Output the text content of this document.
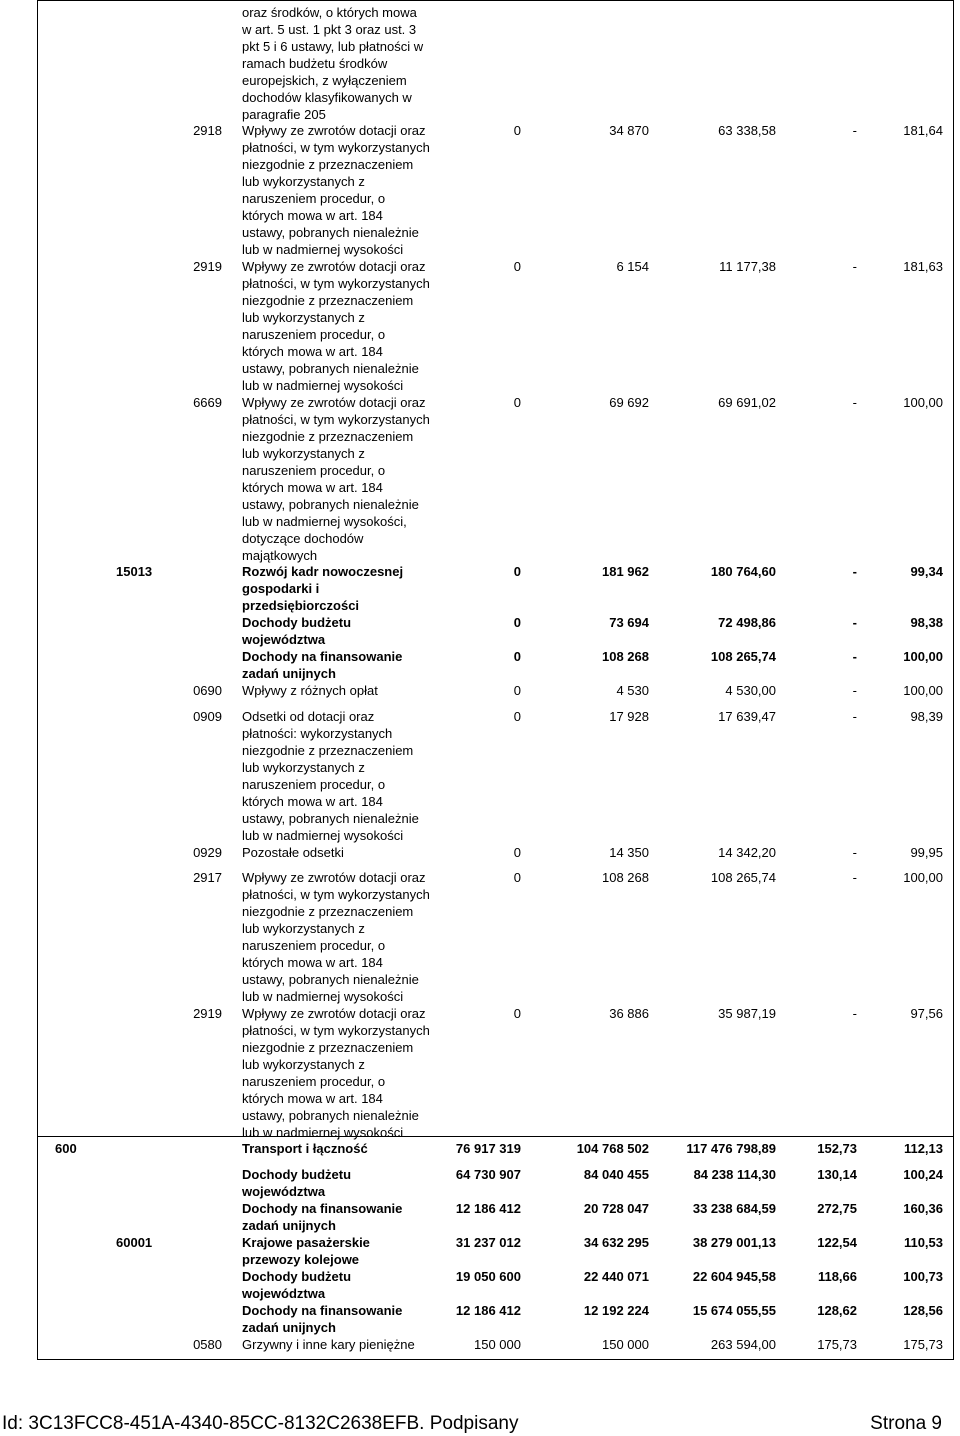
oraz środków, o których mowa
w art. 5 ust. 1 pkt 3 oraz ust. 3
pkt 5 i 6 ustawy, lub płatności w
ramach budżetu środków
europejskich, z wyłączeniem
dochodów klasyfikowanych w
paragrafie 205
2918 Wpływy ze zwrotów dotacji oraz
płatności, w tym wykorzystanych
niezgodnie z przeznaczeniem
lub wykorzystanych z
naruszeniem procedur, o
których mowa w art. 184
ustawy, pobranych nienależnie
lub w nadmiernej wysokości
0	34 870	63 338,58	-	181,64
2919 Wpływy ze zwrotów dotacji oraz
płatności, w tym wykorzystanych
niezgodnie z przeznaczeniem
lub wykorzystanych z
naruszeniem procedur, o
których mowa w art. 184
ustawy, pobranych nienależnie
lub w nadmiernej wysokości
0	6 154	11 177,38	-	181,63
6669 Wpływy ze zwrotów dotacji oraz
płatności, w tym wykorzystanych
niezgodnie z przeznaczeniem
lub wykorzystanych z
naruszeniem procedur, o
których mowa w art. 184
ustawy, pobranych nienależnie
lub w nadmiernej wysokości,
dotyczące dochodów
majątkowych
0	69 692	69 691,02	-	100,00
15013	Rozwój kadr nowoczesnej
gospodarki i
przedsiębiorczości
0	181 962	180 764,60	-	99,34
Dochody budżetu
województwa
0	73 694	72 498,86	-	98,38
Dochody na finansowanie
zadań unijnych
0	108 268	108 265,74	-	100,00
0690 Wpływy z różnych opłat	0	4 530	4 530,00	-	100,00
0909 Odsetki od dotacji oraz
płatności: wykorzystanych
niezgodnie z przeznaczeniem
lub wykorzystanych z
naruszeniem procedur, o
których mowa w art. 184
ustawy, pobranych nienależnie
lub w nadmiernej wysokości
0	17 928	17 639,47	-	98,39
0929 Pozostałe odsetki	0	14 350	14 342,20	-	99,95
2917 Wpływy ze zwrotów dotacji oraz
płatności, w tym wykorzystanych
niezgodnie z przeznaczeniem
lub wykorzystanych z
naruszeniem procedur, o
których mowa w art. 184
ustawy, pobranych nienależnie
lub w nadmiernej wysokości
0	108 268	108 265,74	-	100,00
2919 Wpływy ze zwrotów dotacji oraz
płatności, w tym wykorzystanych
niezgodnie z przeznaczeniem
lub wykorzystanych z
naruszeniem procedur, o
których mowa w art. 184
ustawy, pobranych nienależnie
lub w nadmiernej wysokości
0	36 886	35 987,19	-	97,56
600	Transport i łączność	76 917 319	104 768 502	117 476 798,89	152,73	112,13
Dochody budżetu
województwa
64 730 907	84 040 455	84 238 114,30	130,14	100,24
Dochody na finansowanie
zadań unijnych
12 186 412	20 728 047	33 238 684,59	272,75	160,36
60001	Krajowe pasażerskie
przewozy kolejowe
31 237 012	34 632 295	38 279 001,13	122,54	110,53
Dochody budżetu
województwa
19 050 600	22 440 071	22 604 945,58	118,66	100,73
Dochody na finansowanie
zadań unijnych
12 186 412	12 192 224	15 674 055,55	128,62	128,56
0580 Grzywny i inne kary pieniężne	150 000	150 000	263 594,00	175,73	175,73
Id: 3C13FCC8-451A-4340-85CC-8132C2638EFB. Podpisany	Strona 9
